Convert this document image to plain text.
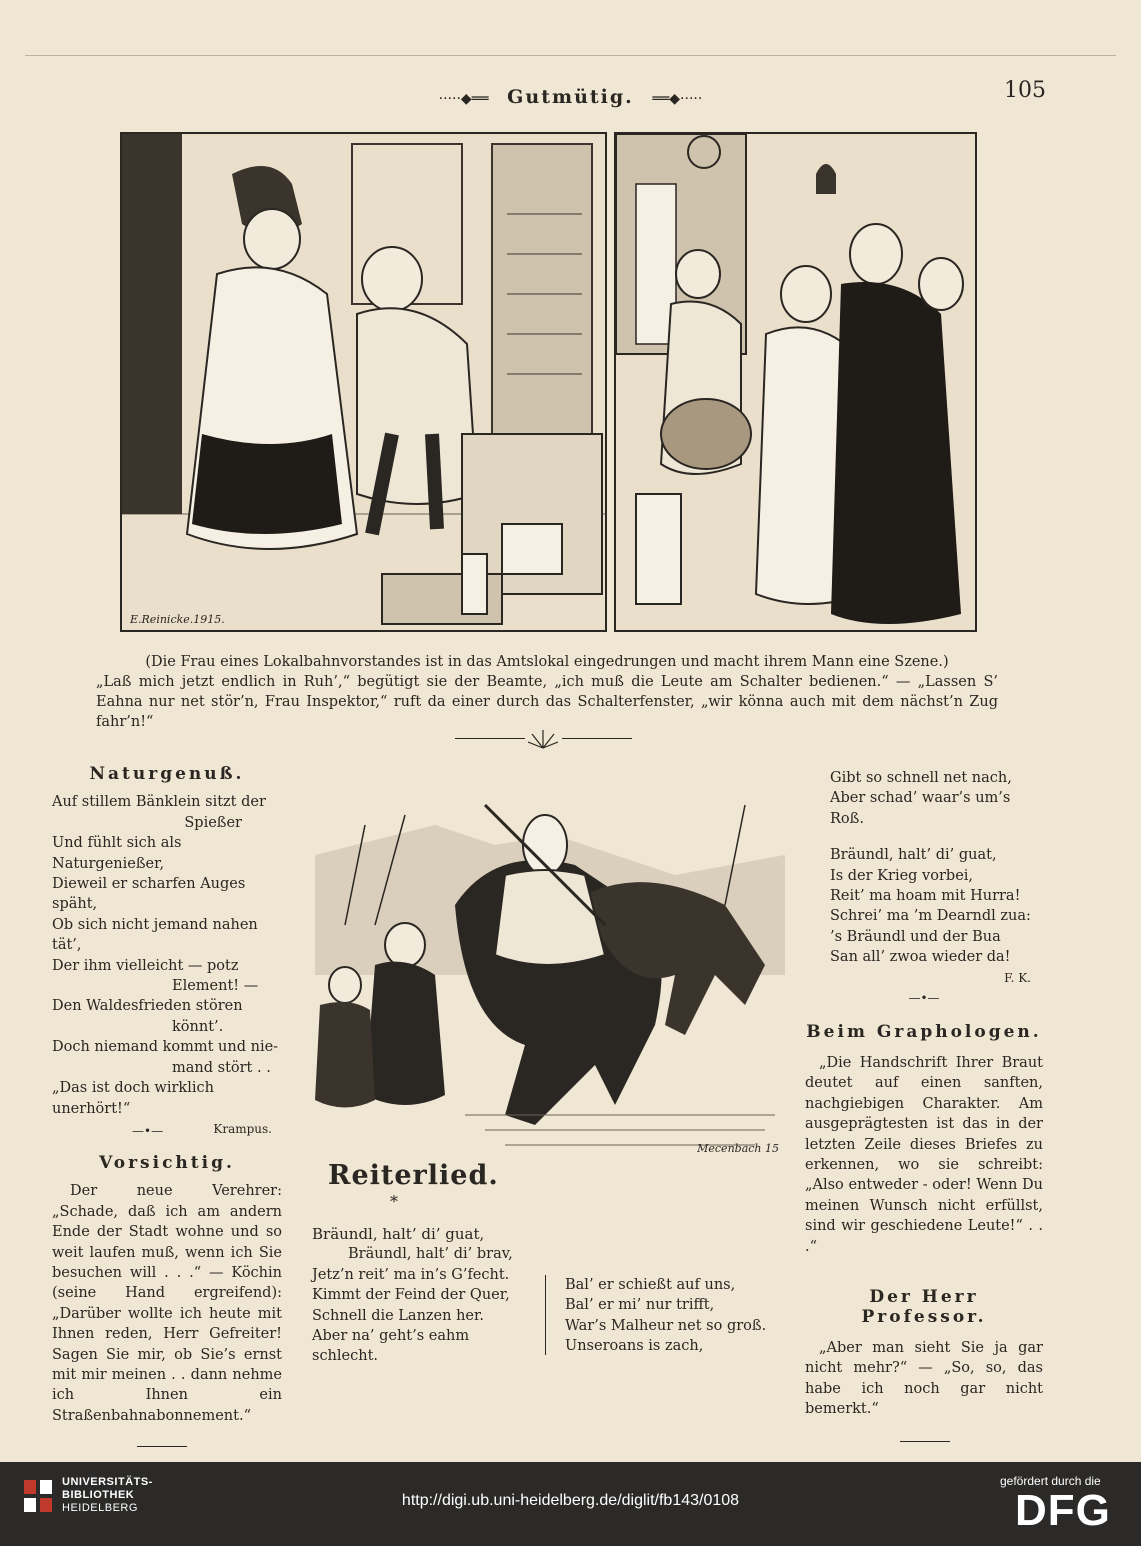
·····◆══ Gutmütig. ══◆·····	105
E.Reinicke.1915.
(Die Frau eines Lokalbahnvorstandes ist in das Amtslokal eingedrungen und macht ihrem Mann eine Szene.)
„Laß mich jetzt endlich in Ruh’,“ begütigt sie der Beamte, „ich muß die Leute am Schalter bedienen.“ — „Lassen S’ Eahna nur net stör’n, Frau Inspektor,“ ruft da einer durch das Schalterfenster, „wir könna auch mit dem nächst’n Zug fahr’n!“
Naturgenuß.

Auf stillem Bänklein sitzt der

Spießer

Und fühlt sich als Naturgenießer,

Dieweil er scharfen Auges späht,

Ob sich nicht jemand nahen tät’,

Der ihm vielleicht — potz

Element! —

Den Waldesfrieden stören

könnt’.

Doch niemand kommt und nie-

mand stört . .

„Das ist doch wirklich unerhört!“

—•—	Krampus.
Vorsichtig.

Der neue Verehrer: „Schade, daß ich am andern Ende der Stadt wohne und so weit laufen muß, wenn ich Sie besuchen will . . .“ — Köchin (seine Hand ergreifend): „Darüber wollte ich heute mit Ihnen reden, Herr Gefreiter! Sagen Sie mir, ob Sie’s ernst mit mir meinen . . dann nehme ich Ihnen ein Straßenbahnabonnement.“

Mecenbach 15
Reiterlied.
*

Bräundl, halt’ di’ guat,

Bräundl, halt’ di’ brav,

Jetz’n reit’ ma in’s G’fecht.

Kimmt der Feind der Quer,

Schnell die Lanzen her.

Aber na’ geht’s eahm schlecht.

Bal’ er schießt auf uns,

Bal’ er mi’ nur trifft,

War’s Malheur net so groß.

Unseroans is zach,

Gibt so schnell net nach,

Aber schad’ waar’s um’s Roß.

Bräundl, halt’ di’ guat,

Is der Krieg vorbei,

Reit’ ma hoam mit Hurra!

Schrei’ ma ’m Dearndl zua:

’s Bräundl und der Bua

San all’ zwoa wieder da!

F. K.

—•—

Beim Graphologen.

„Die Handschrift Ihrer Braut deutet auf einen sanften, nachgiebigen Charakter. Am ausgeprägtesten ist das in der letzten Zeile dieses Briefes zu erkennen, wo sie schreibt: „Also entweder - oder! Wenn Du meinen Wunsch nicht erfüllst, sind wir geschiedene Leute!“ . . .“

Der Herr Professor.

„Aber man sieht Sie ja gar nicht mehr?“ — „So, so, das habe ich noch gar nicht bemerkt.“

UNIVERSITÄTS-
BIBLIOTHEK
HEIDELBERG	http://digi.ub.uni-heidelberg.de/diglit/fb143/0108
gefördert durch die
DFG
